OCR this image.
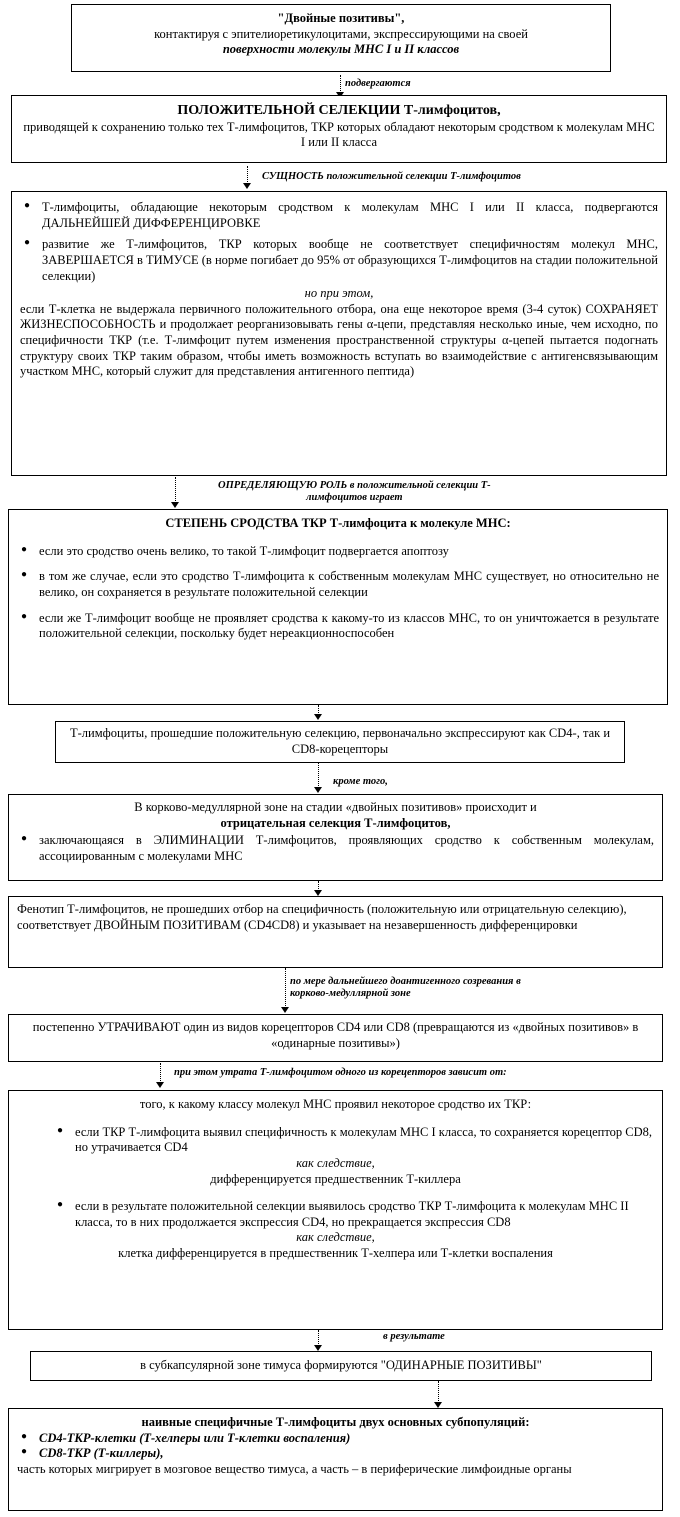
"Двойные позитивы",

контактируя с эпителиоретикулоцитами, экспрессирующими на своей

поверхности молекулы МНС I и II классов

подвергаются

ПОЛОЖИТЕЛЬНОЙ СЕЛЕКЦИИ Т-лимфоцитов,

приводящей к сохранению только тех Т-лимфоцитов, ТКР которых обладают некоторым сродством к молекулам МНС I или II класса

СУЩНОСТЬ положительной селекции Т-лимфоцитов
● Т-лимфоциты, обладающие некоторым сродством к молекулам МНС I или II класса, подвергаются ДАЛЬНЕЙШЕЙ ДИФФЕРЕНЦИРОВКЕ
● развитие же Т-лимфоцитов, ТКР которых вообще не соответствует специфичностям молекул МНС, ЗАВЕРШАЕТСЯ в ТИМУСЕ (в норме погибает до 95% от образующихся Т-лимфоцитов на стадии положительной селекции)

но при этом,

если Т-клетка не выдержала первичного положительного отбора, она еще некоторое время (3-4 суток) СОХРАНЯЕТ ЖИЗНЕСПОСОБНОСТЬ и продолжает реорганизовывать гены α-цепи, представляя несколько иные, чем исходно, по специфичности ТКР (т.е. Т-лимфоцит путем изменения пространственной структуры α-цепей пытается подогнать структуру своих ТКР таким образом, чтобы иметь возможность вступать во взаимодействие с антигенсвязывающим участком МНС, который служит для представления антигенного пептида)

ОПРЕДЕЛЯЮЩУЮ РОЛЬ в положительной селекции Т-
лимфоцитов играет

СТЕПЕНЬ СРОДСТВА ТКР Т-лимфоцита к молекуле МНС:

● если это сродство очень велико, то такой Т-лимфоцит подвергается апоптозу
● в том же случае, если это сродство Т-лимфоцита к собственным молекулам МНС существует, но относительно не велико, он сохраняется в результате положительной селекции
● если же Т-лимфоцит вообще не проявляет сродства к какому-то из классов МНС, то он уничтожается в результате положительной селекции, поскольку будет нереакционноспособен

Т-лимфоциты, прошедшие положительную селекцию, первоначально экспрессируют как CD4-, так и CD8-корецепторы

кроме того,

В корково-медуллярной зоне на стадии «двойных позитивов» происходит и

отрицательная селекция Т-лимфоцитов,

● заключающаяся в ЭЛИМИНАЦИИ Т-лимфоцитов, проявляющих сродство к собственным молекулам, ассоциированным с молекулами МНС

Фенотип Т-лимфоцитов, не прошедших отбор на специфичность (положительную или отрицательную селекцию), соответствует ДВОЙНЫМ ПОЗИТИВАМ (CD4CD8) и указывает на незавершенность дифференцировки

по мере дальнейшего доантигенного созревания в
корково-медуллярной зоне

постепенно УТРАЧИВАЮТ один из видов корецепторов CD4 или CD8 (превращаются из «двойных позитивов» в «одинарные позитивы»)

при этом утрата Т-лимфоцитом одного из корецепторов зависит от:

того, к какому классу молекул МНС проявил некоторое сродство их ТКР:

● если ТКР Т-лимфоцита выявил специфичность к молекулам МНС I класса, то сохраняется корецептор CD8, но утрачивается CD4

как следствие,

дифференцируется предшественник Т-киллера

● если в результате положительной селекции выявилось сродство ТКР Т-лимфоцита к молекулам МНС II класса, то в них продолжается экспрессия CD4, но прекращается экспрессия CD8

как следствие,

клетка дифференцируется в предшественник Т-хелпера или Т-клетки воспаления

в результате

в субкапсулярной зоне тимуса формируются "ОДИНАРНЫЕ ПОЗИТИВЫ"

наивные специфичные Т-лимфоциты двух основных субпопуляций:

● CD4-ТКР-клетки (Т-хелперы или Т-клетки воспаления)
● CD8-ТКР (Т-киллеры),

часть которых мигрирует в мозговое вещество тимуса, а часть – в периферические лимфоидные органы
